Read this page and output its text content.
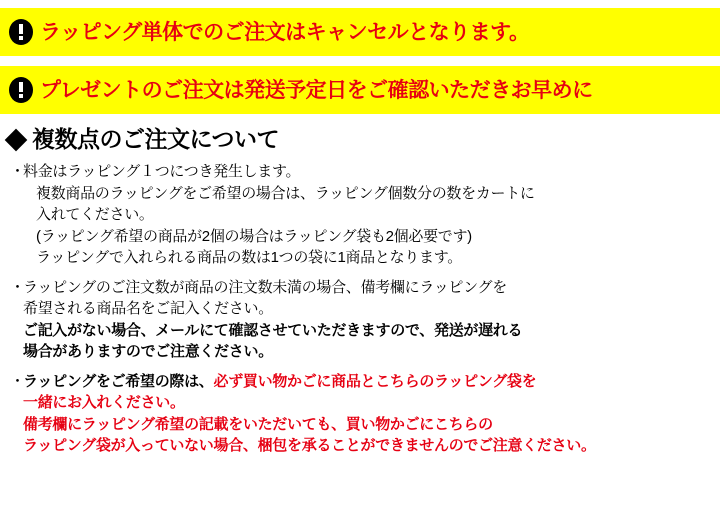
ラッピング単体でのご注文はキャンセルとなります。
プレゼントのご注文は発送予定日をご確認いただきお早めに
複数点のご注文について
・
料金はラッピング１つにつき発生します。
複数商品のラッピングをご希望の場合は、ラッピング個数分の数をカートに
入れてください。
(ラッピング希望の商品が2個の場合はラッピング袋も2個必要です)
ラッピングで入れられる商品の数は1つの袋に1商品となります。
・
ラッピングのご注文数が商品の注文数未満の場合、備考欄にラッピングを
希望される商品名をご記入ください。
ご記入がない場合、メールにて確認させていただきますので、発送が遅れる
場合がありますのでご注意ください。
・
ラッピングをご希望の際は、必ず買い物かごに商品とこちらのラッピング袋を
一緒にお入れください。
備考欄にラッピング希望の記載をいただいても、買い物かごにこちらの
ラッピング袋が入っていない場合、梱包を承ることができませんのでご注意ください。
